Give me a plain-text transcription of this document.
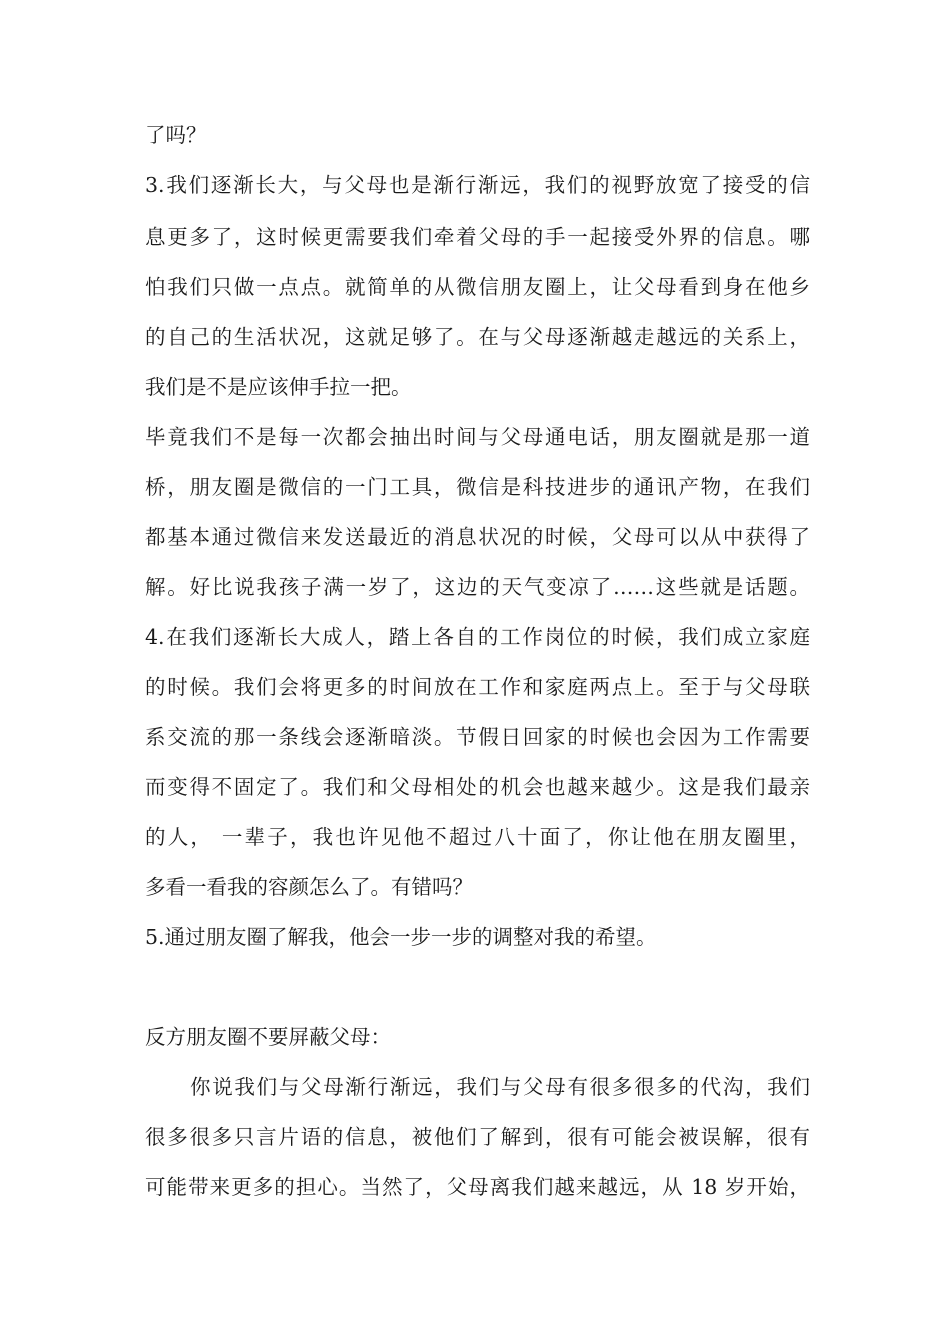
了吗？
3.我们逐渐长大，与父母也是渐行渐远，我们的视野放宽了接受的信
息更多了，这时候更需要我们牵着父母的手一起接受外界的信息。哪
怕我们只做一点点。就简单的从微信朋友圈上，让父母看到身在他乡
的自己的生活状况，这就足够了。在与父母逐渐越走越远的关系上，
我们是不是应该伸手拉一把。
毕竟我们不是每一次都会抽出时间与父母通电话，朋友圈就是那一道
桥，朋友圈是微信的一门工具，微信是科技进步的通讯产物，在我们
都基本通过微信来发送最近的消息状况的时候，父母可以从中获得了
解。好比说我孩子满一岁了，这边的天气变凉了……这些就是话题。
4.在我们逐渐长大成人，踏上各自的工作岗位的时候，我们成立家庭
的时候。我们会将更多的时间放在工作和家庭两点上。至于与父母联
系交流的那一条线会逐渐暗淡。节假日回家的时候也会因为工作需要
而变得不固定了。我们和父母相处的机会也越来越少。这是我们最亲
的人， 一辈子，我也许见他不超过八十面了，你让他在朋友圈里，
多看一看我的容颜怎么了。有错吗？
5.通过朋友圈了解我，他会一步一步的调整对我的希望。
反方朋友圈不要屏蔽父母：
你说我们与父母渐行渐远，我们与父母有很多很多的代沟，我们
很多很多只言片语的信息，被他们了解到，很有可能会被误解，很有
可能带来更多的担心。当然了，父母离我们越来越远，从 18 岁开始，
